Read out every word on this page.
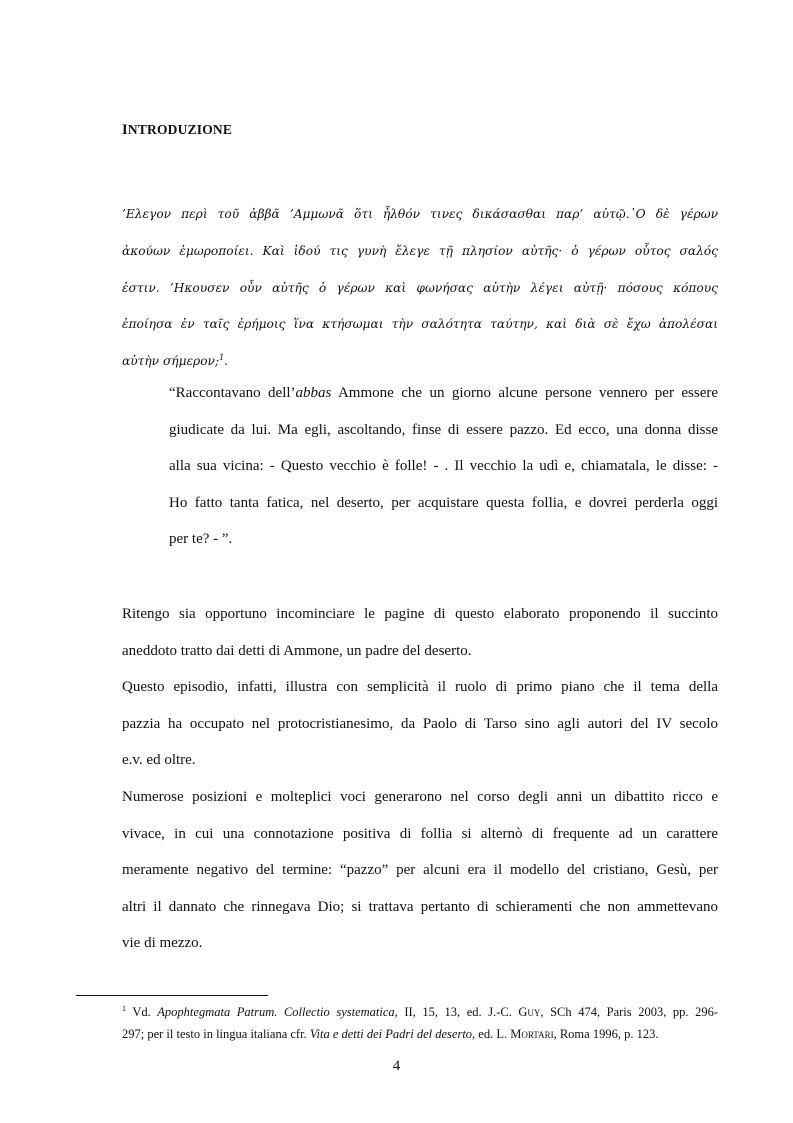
INTRODUZIONE
’Ελεγον περὶ τοῦ ἀββᾶ ’Αμμωνᾶ ὅτι ἦλθόν τινες δικάσασθαι παρ’ αὐτῷ.῾Ο δὲ γέρων
ἀκούων ἐμωροποίει. Καὶ ἰδού τις γυνὴ ἔλεγε τῇ πλησίον αὐτῆς· ὁ γέρων οὗτος σαλός
ἐστιν. ’Ηκουσεν οὖν αὐτῆς ὁ γέρων καὶ φωνήσας αὐτὴν λέγει αὐτῇ· πόσους κόπους
ἐποίησα ἐν ταῖς ἐρήμοις ἵνα κτήσωμαι τὴν σαλότητα ταύτην, καὶ διὰ σὲ ἔχω ἀπολέσαι
αὐτὴν σήμερον;$^1$.
“Raccontavano dell’abbas Ammone che un giorno alcune persone vennero per essere
giudicate da lui. Ma egli, ascoltando, finse di essere pazzo. Ed ecco, una donna disse
alla sua vicina: - Questo vecchio è folle! - . Il vecchio la udì e, chiamatala, le disse: -
Ho fatto tanta fatica, nel deserto, per acquistare questa follia, e dovrei perderla oggi
per te? - ”.
Ritengo sia opportuno incominciare le pagine di questo elaborato proponendo il succinto
aneddoto tratto dai detti di Ammone, un padre del deserto.
Questo episodio, infatti, illustra con semplicità il ruolo di primo piano che il tema della
pazzia ha occupato nel protocristianesimo, da Paolo di Tarso sino agli autori del IV secolo
e.v. ed oltre.
Numerose posizioni e molteplici voci generarono nel corso degli anni un dibattito ricco e
vivace, in cui una connotazione positiva di follia si alternò di frequente ad un carattere
meramente negativo del termine: “pazzo” per alcuni era il modello del cristiano, Gesù, per
altri il dannato che rinnegava Dio; si trattava pertanto di schieramenti che non ammettevano
vie di mezzo.
$^1$ Vd. Apophtegmata Patrum. Collectio systematica, II, 15, 13, ed. J.-C. Guy, SCh 474, Paris 2003, pp. 296-
297; per il testo in lingua italiana cfr. Vita e detti dei Padri del deserto, ed. L. Mortari, Roma 1996, p. 123.
4
